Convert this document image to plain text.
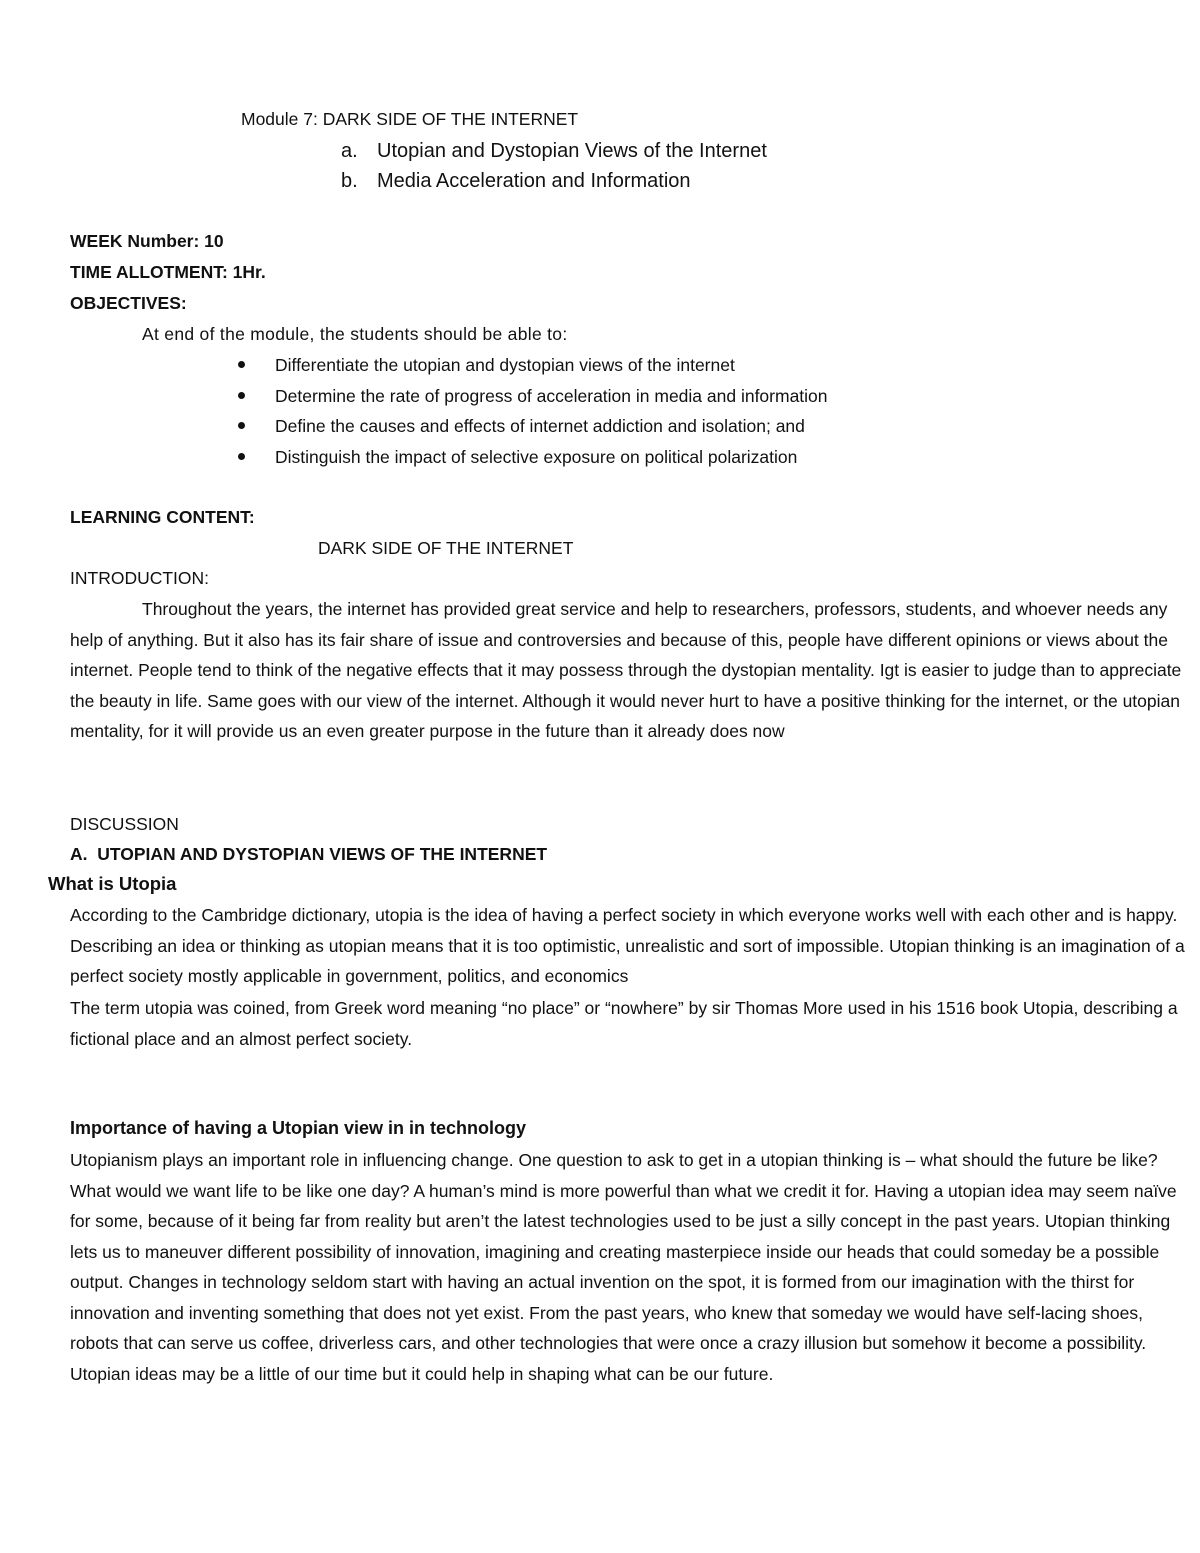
Module 7: DARK SIDE OF THE INTERNET
a. Utopian and Dystopian Views of the Internet
b. Media Acceleration and Information
WEEK Number: 10
TIME ALLOTMENT: 1Hr.
OBJECTIVES:
At end of the module, the students should be able to:
Differentiate the utopian and dystopian views of the internet
Determine the rate of progress of acceleration in media and information
Define the causes and effects of internet addiction and isolation; and
Distinguish the impact of selective exposure on political polarization
LEARNING CONTENT:
DARK SIDE OF THE INTERNET
INTRODUCTION:

Throughout the years, the internet has provided great service and help to researchers, professors, students, and whoever needs any help of anything. But it also has its fair share of issue and controversies and because of this, people have different opinions or views about the internet. People tend to think of the negative effects that it may possess through the dystopian mentality. Igt is easier to judge than to appreciate the beauty in life. Same goes with our view of the internet. Although it would never hurt to have a positive thinking for the internet, or the utopian mentality, for it will provide us an even greater purpose in the future than it already does now

DISCUSSION
A.  UTOPIAN AND DYSTOPIAN VIEWS OF THE INTERNET
What is Utopia

According to the Cambridge dictionary, utopia is the idea of having a perfect society in which everyone works well with each other and is happy. Describing an idea or thinking as utopian means that it is too optimistic, unrealistic and sort of impossible. Utopian thinking is an imagination of a perfect society mostly applicable in government, politics, and economics

The term utopia was coined, from Greek word meaning “no place” or “nowhere” by sir Thomas More used in his 1516 book Utopia, describing a fictional place and an almost perfect society.

Importance of having a Utopian view in in technology

Utopianism plays an important role in influencing change. One question to ask to get in a utopian thinking is – what should the future be like? What would we want life to be like one day? A human’s mind is more powerful than what we credit it for. Having a utopian idea may seem naïve for some, because of it being far from reality but aren’t the latest technologies used to be just a silly concept in the past years. Utopian thinking lets us to maneuver different possibility of innovation, imagining and creating masterpiece inside our heads that could someday be a possible output. Changes in technology seldom start with having an actual invention on the spot, it is formed from our imagination with the thirst for innovation and inventing something that does not yet exist. From the past years, who knew that someday we would have self-lacing shoes, robots that can serve us coffee, driverless cars, and other technologies that were once a crazy illusion but somehow it become a possibility. Utopian ideas may be a little of our time but it could help in shaping what can be our future.
